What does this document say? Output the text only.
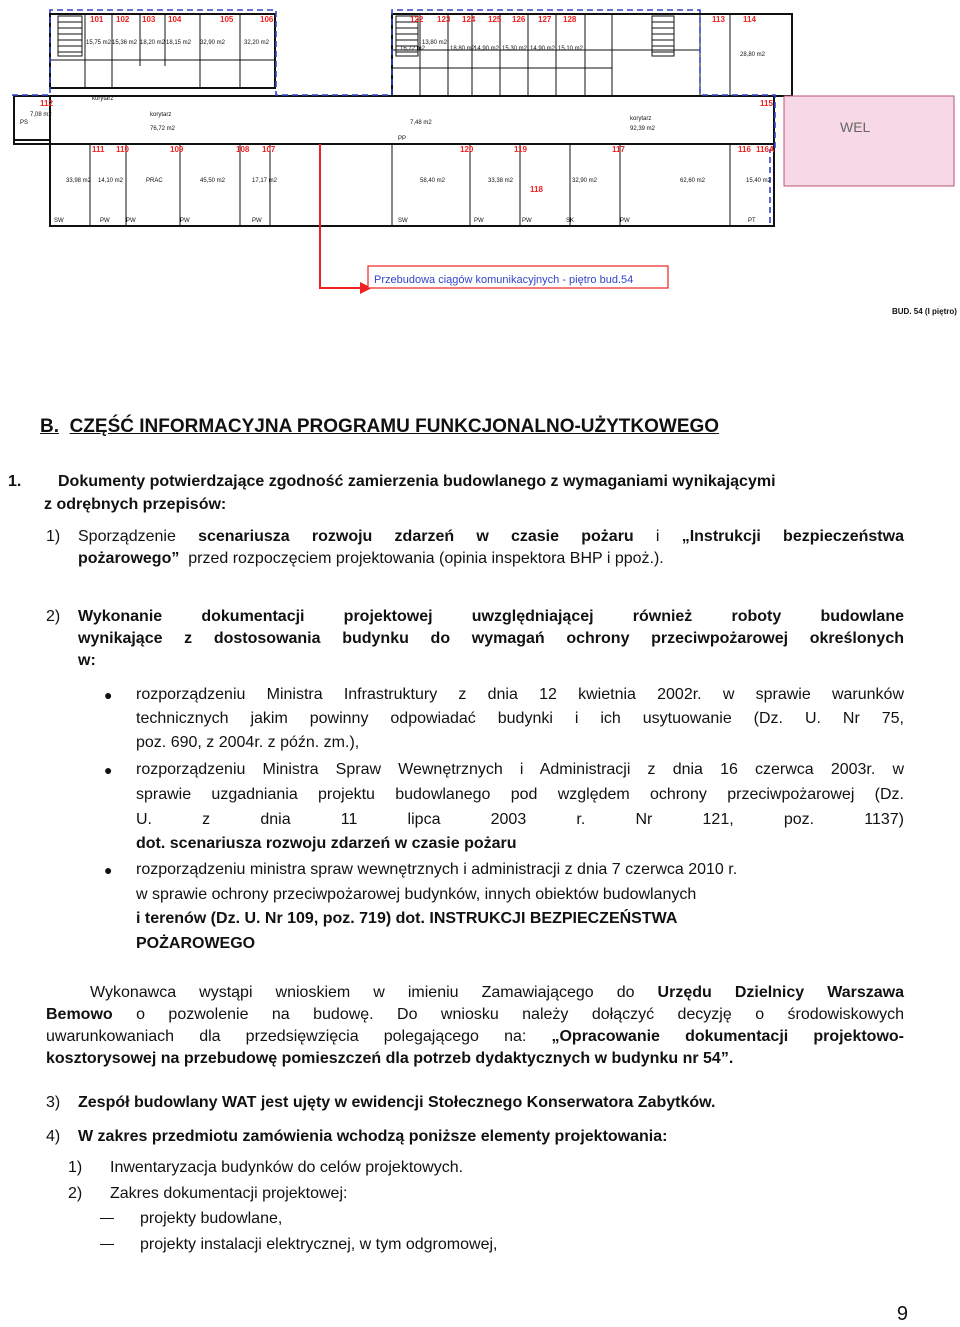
WEL
101 102 103 104	105	106	122 123 124 125 126 127 128	113 114
112
111 110	109	108 107	120	119	117	116 116A
118
115
15,75 m2 15,36 m2 18,20 m2 18,15 m2 32,90 m2	32,20 m2
16,72 m2
13,80 m2
18,80 m2
14,90 m2 15,30 m2 14,90 m2 15,10 m2
28,80 m2
7,08 m2
76,72 m2	92,39 m2
7,48 m2
33,98 m2 14,10 m2	45,50 m2	17,17 m2	58,40 m2	33,38 m2	32,90 m2	62,60 m2	15,40 m2
korytarz
korytarz
korytarz
PRAC
PS
PP
SW	PW	PW	PW	PW	SW	PW	PW	SK	PW	PT
Przebudowa ciągów komunikacyjnych - piętro bud.54
BUD. 54 (I piętro)
B. CZĘŚĆ INFORMACYJNA PROGRAMU FUNKCJONALNO-UŻYTKOWEGO
1. Dokumenty potwierdzające zgodność zamierzenia budowlanego z wymaganiami wynikającymi
z odrębnych przepisów:
1) Sporządzenie scenariusza rozwoju zdarzeń w czasie pożaru i „Instrukcji bezpieczeństwa
pożarowego” przed rozpoczęciem projektowania (opinia inspektora BHP i ppoż.).
2) Wykonanie dokumentacji projektowej uwzględniającej również roboty budowlane
wynikające z dostosowania budynku do wymagań ochrony przeciwpożarowej określonych
w:
● rozporządzeniu Ministra Infrastruktury z dnia 12 kwietnia 2002r. w sprawie warunków
technicznych jakim powinny odpowiadać budynki i ich usytuowanie (Dz. U. Nr 75,
poz. 690, z 2004r. z późn. zm.),
● rozporządzeniu Ministra Spraw Wewnętrznych i Administracji z dnia 16 czerwca 2003r. w
sprawie uzgadniania projektu budowlanego pod względem ochrony przeciwpożarowej (Dz.
U. z dnia 11 lipca 2003 r. Nr 121, poz. 1137)
dot. scenariusza rozwoju zdarzeń w czasie pożaru
● rozporządzeniu ministra spraw wewnętrznych i administracji z dnia 7 czerwca 2010 r.
w sprawie ochrony przeciwpożarowej budynków, innych obiektów budowlanych
i terenów (Dz. U. Nr 109, poz. 719) dot. INSTRUKCJI BEZPIECZEŃSTWA
POŻAROWEGO
Wykonawca wystąpi wnioskiem w imieniu Zamawiającego do Urzędu Dzielnicy Warszawa
Bemowo o pozwolenie na budowę. Do wniosku należy dołączyć decyzję o środowiskowych
uwarunkowaniach dla przedsięwzięcia polegającego na: „Opracowanie dokumentacji projektowo-
kosztorysowej na przebudowę pomieszczeń dla potrzeb dydaktycznych w budynku nr 54”.
3) Zespół budowlany WAT jest ujęty w ewidencji Stołecznego Konserwatora Zabytków.
4) W zakres przedmiotu zamówienia wchodzą poniższe elementy projektowania:
1) Inwentaryzacja budynków do celów projektowych.
2) Zakres dokumentacji projektowej:
projekty budowlane,
projekty instalacji elektrycznej, w tym odgromowej,
9
